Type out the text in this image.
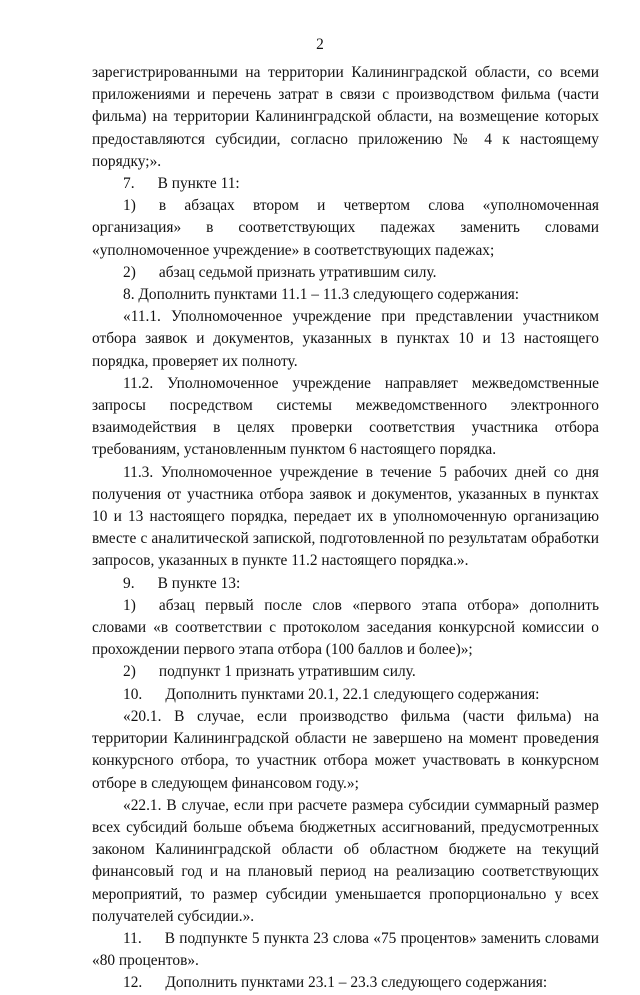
2

зарегистрированными на территории Калининградской области, со всеми приложениями и перечень затрат в связи с производством фильма (части фильма) на территории Калининградской области, на возмещение которых предоставляются субсидии, согласно приложению № 4 к настоящему порядку;».

7.  В пункте 11:

1)  в абзацах втором и четвертом слова «уполномоченная организация» в соответствующих падежах заменить словами «уполномоченное учреждение» в соответствующих падежах;

2)  абзац седьмой признать утратившим силу.

8. Дополнить пунктами 11.1 – 11.3 следующего содержания:

«11.1. Уполномоченное учреждение при представлении участником отбора заявок и документов, указанных в пунктах 10 и 13 настоящего порядка, проверяет их полноту.

11.2. Уполномоченное учреждение направляет межведомственные запросы посредством системы межведомственного электронного взаимодействия в целях проверки соответствия участника отбора требованиям, установленным пунктом 6 настоящего порядка.

11.3. Уполномоченное учреждение в течение 5 рабочих дней со дня получения от участника отбора заявок и документов, указанных в пунктах 10 и 13 настоящего порядка, передает их в уполномоченную организацию вместе с аналитической запиской, подготовленной по результатам обработки запросов, указанных в пункте 11.2 настоящего порядка.».

9.  В пункте 13:

1)  абзац первый после слов «первого этапа отбора» дополнить словами «в соответствии с протоколом заседания конкурсной комиссии о прохождении первого этапа отбора (100 баллов и более)»;

2)  подпункт 1 признать утратившим силу.

10.  Дополнить пунктами 20.1, 22.1 следующего содержания:

«20.1. В случае, если производство фильма (части фильма) на территории Калининградской области не завершено на момент проведения конкурсного отбора, то участник отбора может участвовать в конкурсном отборе в следующем финансовом году.»;

«22.1. В случае, если при расчете размера субсидии суммарный размер всех субсидий больше объема бюджетных ассигнований, предусмотренных законом Калининградской области об областном бюджете на текущий финансовый год и на плановый период на реализацию соответствующих мероприятий, то размер субсидии уменьшается пропорционально у всех получателей субсидии.».

11.  В подпункте 5 пункта 23 слова «75 процентов» заменить словами «80 процентов».

12.  Дополнить пунктами 23.1 – 23.3 следующего содержания:
